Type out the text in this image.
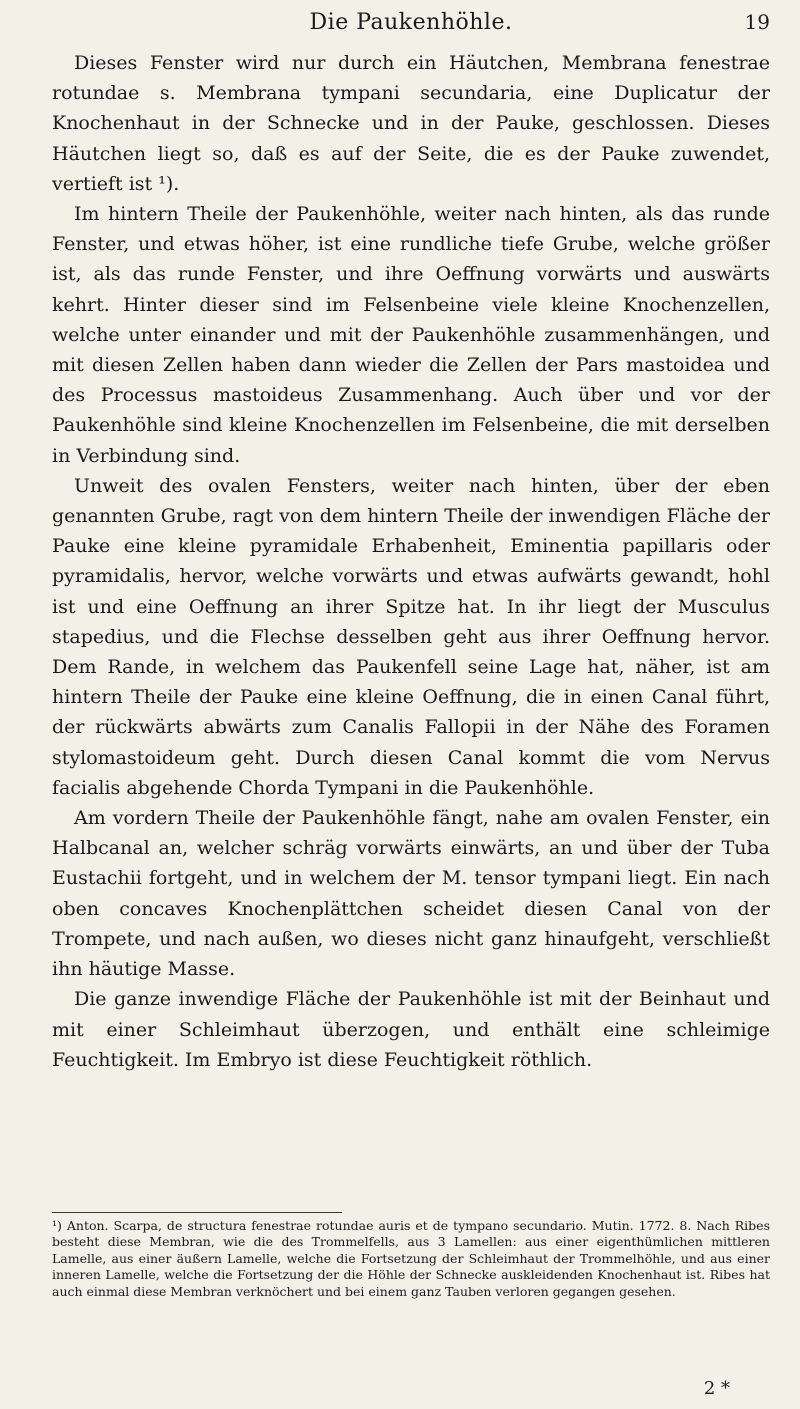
Die Paukenhöhle.	19

Dieses Fenster wird nur durch ein Häutchen, Membrana fenestrae rotundae s. Membrana tympani secundaria, eine Duplicatur der Knochenhaut in der Schnecke und in der Pauke, geschlossen. Dieses Häutchen liegt so, daß es auf der Seite, die es der Pauke zuwendet, vertieft ist ¹).

Im hintern Theile der Paukenhöhle, weiter nach hinten, als das runde Fenster, und etwas höher, ist eine rundliche tiefe Grube, welche größer ist, als das runde Fenster, und ihre Oeffnung vorwärts und auswärts kehrt. Hinter dieser sind im Felsenbeine viele kleine Knochenzellen, welche unter einander und mit der Paukenhöhle zusammenhängen, und mit diesen Zellen haben dann wieder die Zellen der Pars mastoidea und des Processus mastoideus Zusammenhang. Auch über und vor der Paukenhöhle sind kleine Knochenzellen im Felsenbeine, die mit derselben in Verbindung sind.

Unweit des ovalen Fensters, weiter nach hinten, über der eben genannten Grube, ragt von dem hintern Theile der inwendigen Fläche der Pauke eine kleine pyramidale Erhabenheit, Eminentia papillaris oder pyramidalis, hervor, welche vorwärts und etwas aufwärts gewandt, hohl ist und eine Oeffnung an ihrer Spitze hat. In ihr liegt der Musculus stapedius, und die Flechse desselben geht aus ihrer Oeffnung hervor. Dem Rande, in welchem das Paukenfell seine Lage hat, näher, ist am hintern Theile der Pauke eine kleine Oeffnung, die in einen Canal führt, der rückwärts abwärts zum Canalis Fallopii in der Nähe des Foramen stylomastoideum geht. Durch diesen Canal kommt die vom Nervus facialis abgehende Chorda Tympani in die Paukenhöhle.

Am vordern Theile der Paukenhöhle fängt, nahe am ovalen Fenster, ein Halbcanal an, welcher schräg vorwärts einwärts, an und über der Tuba Eustachii fortgeht, und in welchem der M. tensor tympani liegt. Ein nach oben concaves Knochenplättchen scheidet diesen Canal von der Trompete, und nach außen, wo dieses nicht ganz hinaufgeht, verschließt ihn häutige Masse.

Die ganze inwendige Fläche der Paukenhöhle ist mit der Beinhaut und mit einer Schleimhaut überzogen, und enthält eine schleimige Feuchtigkeit. Im Embryo ist diese Feuchtigkeit röthlich.

¹) Anton. Scarpa, de structura fenestrae rotundae auris et de tympano secundario. Mutin. 1772. 8. Nach Ribes besteht diese Membran, wie die des Trommelfells, aus 3 Lamellen: aus einer eigenthümlichen mittleren Lamelle, aus einer äußern Lamelle, welche die Fortsetzung der Schleimhaut der Trommelhöhle, und aus einer inneren Lamelle, welche die Fortsetzung der die Höhle der Schnecke auskleidenden Knochenhaut ist. Ribes hat auch einmal diese Membran verknöchert und bei einem ganz Tauben verloren gegangen gesehen.
2 *
